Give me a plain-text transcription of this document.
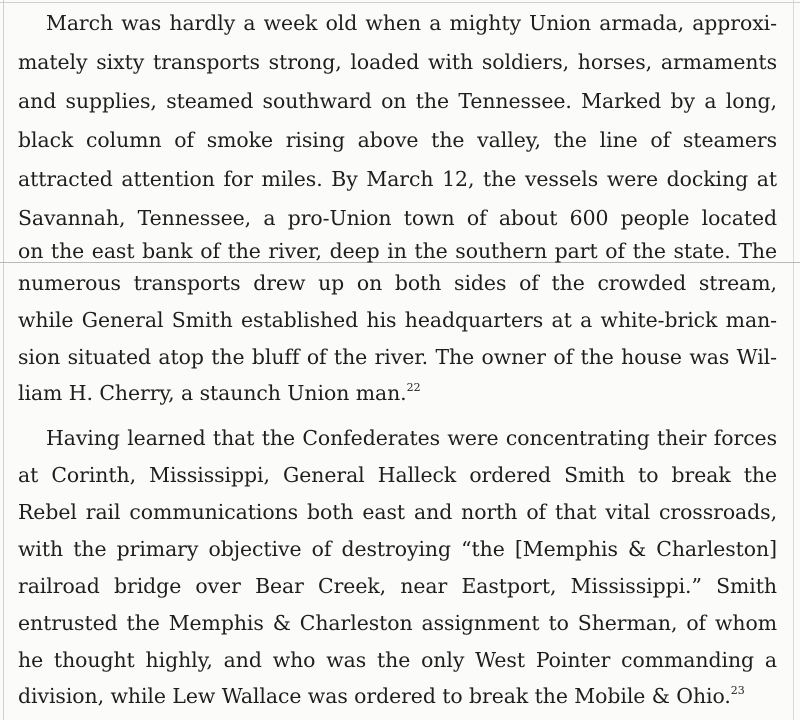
March was hardly a week old when a mighty Union armada, approxi-
mately sixty transports strong, loaded with soldiers, horses, armaments
and supplies, steamed southward on the Tennessee. Marked by a long,
black column of smoke rising above the valley, the line of steamers
attracted attention for miles. By March 12, the vessels were docking at
Savannah, Tennessee, a pro-Union town of about 600 people located
on the east bank of the river, deep in the southern part of the state. The
numerous transports drew up on both sides of the crowded stream,
while General Smith established his headquarters at a white-brick man-
sion situated atop the bluff of the river. The owner of the house was Wil-
liam H. Cherry, a staunch Union man.$^{22}$
Having learned that the Confederates were concentrating their forces
at Corinth, Mississippi, General Halleck ordered Smith to break the
Rebel rail communications both east and north of that vital crossroads,
with the primary objective of destroying “the [Memphis & Charleston]
railroad bridge over Bear Creek, near Eastport, Mississippi.” Smith
entrusted the Memphis & Charleston assignment to Sherman, of whom
he thought highly, and who was the only West Pointer commanding a
division, while Lew Wallace was ordered to break the Mobile & Ohio.$^{23}$
